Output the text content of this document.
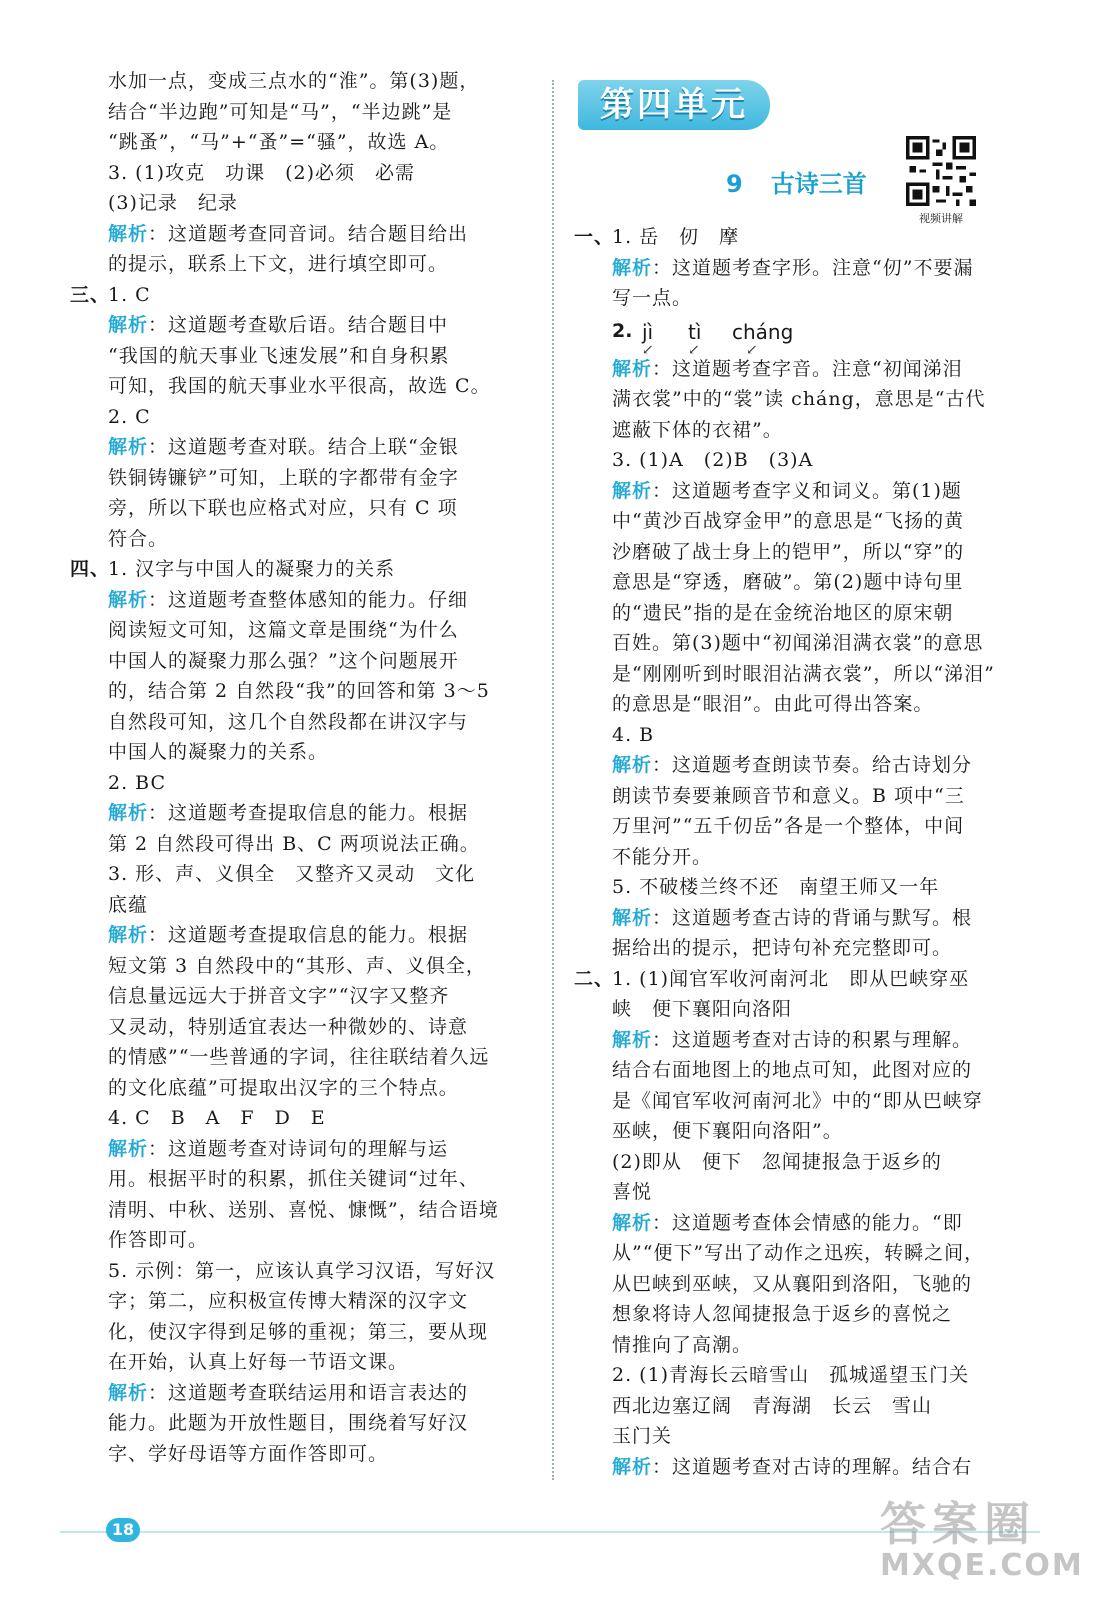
水加一点，变成三点水的“淮”。第(3)题，
结合“半边跑”可知是“马”，“半边跳”是
“跳蚤”，“马”+“蚤”=“骚”，故选 A。
3. (1)攻克　功课　(2)必须　必需
(3)记录　纪录
解析：这道题考查同音词。结合题目给出
的提示，联系上下文，进行填空即可。
三、
1. C
解析：这道题考查歇后语。结合题目中
“我国的航天事业飞速发展”和自身积累
可知，我国的航天事业水平很高，故选 C。
2. C
解析：这道题考查对联。结合上联“金银
铁铜铸镰铲”可知，上联的字都带有金字
旁，所以下联也应格式对应，只有 C 项
符合。
四、
1. 汉字与中国人的凝聚力的关系
解析：这道题考查整体感知的能力。仔细
阅读短文可知，这篇文章是围绕“为什么
中国人的凝聚力那么强？”这个问题展开
的，结合第 2 自然段“我”的回答和第 3～5
自然段可知，这几个自然段都在讲汉字与
中国人的凝聚力的关系。
2. BC
解析：这道题考查提取信息的能力。根据
第 2 自然段可得出 B、C 两项说法正确。
3. 形、声、义俱全　又整齐又灵动　文化
底蕴
解析：这道题考查提取信息的能力。根据
短文第 3 自然段中的“其形、声、义俱全，
信息量远远大于拼音文字”“汉字又整齐
又灵动，特别适宜表达一种微妙的、诗意
的情感”“一些普通的字词，往往联结着久远
的文化底蕴”可提取出汉字的三个特点。
4. C　B　A　F　D　E
解析：这道题考查对诗词句的理解与运
用。根据平时的积累，抓住关键词“过年、
清明、中秋、送别、喜悦、慷慨”，结合语境
作答即可。
5. 示例：第一，应该认真学习汉语，写好汉
字；第二，应积极宣传博大精深的汉字文
化，使汉字得到足够的重视；第三，要从现
在开始，认真上好每一节语文课。
解析：这道题考查联结运用和语言表达的
能力。此题为开放性题目，围绕着写好汉
字、学好母语等方面作答即可。
第四单元
9 古诗三首
视频讲解
一、
1. 岳　仞　摩
解析：这道题考查字形。注意“仞”不要漏
写一点。
2. jì
↙
tì
↙
cháng
↙
解析：这道题考查字音。注意“初闻涕泪
满衣裳”中的“裳”读 cháng，意思是“古代
遮蔽下体的衣裙”。
3. (1)A　(2)B　(3)A
解析：这道题考查字义和词义。第(1)题
中“黄沙百战穿金甲”的意思是“飞扬的黄
沙磨破了战士身上的铠甲”，所以“穿”的
意思是“穿透，磨破”。第(2)题中诗句里
的“遗民”指的是在金统治地区的原宋朝
百姓。第(3)题中“初闻涕泪满衣裳”的意思
是“刚刚听到时眼泪沾满衣裳”，所以“涕泪”
的意思是“眼泪”。由此可得出答案。
4. B
解析：这道题考查朗读节奏。给古诗划分
朗读节奏要兼顾音节和意义。B 项中“三
万里河”“五千仞岳”各是一个整体，中间
不能分开。
5. 不破楼兰终不还　南望王师又一年
解析：这道题考查古诗的背诵与默写。根
据给出的提示，把诗句补充完整即可。
二、
1. (1)闻官军收河南河北　即从巴峡穿巫
峡　便下襄阳向洛阳
解析：这道题考查对古诗的积累与理解。
结合右面地图上的地点可知，此图对应的
是《闻官军收河南河北》中的“即从巴峡穿
巫峡，便下襄阳向洛阳”。
(2)即从　便下　忽闻捷报急于返乡的
喜悦
解析：这道题考查体会情感的能力。“即
从”“便下”写出了动作之迅疾，转瞬之间，
从巴峡到巫峡，又从襄阳到洛阳，飞驰的
想象将诗人忽闻捷报急于返乡的喜悦之
情推向了高潮。
2. (1)青海长云暗雪山　孤城遥望玉门关
西北边塞辽阔　青海湖　长云　雪山
玉门关
解析：这道题考查对古诗的理解。结合右
18	答案圈
MXQE.COM
